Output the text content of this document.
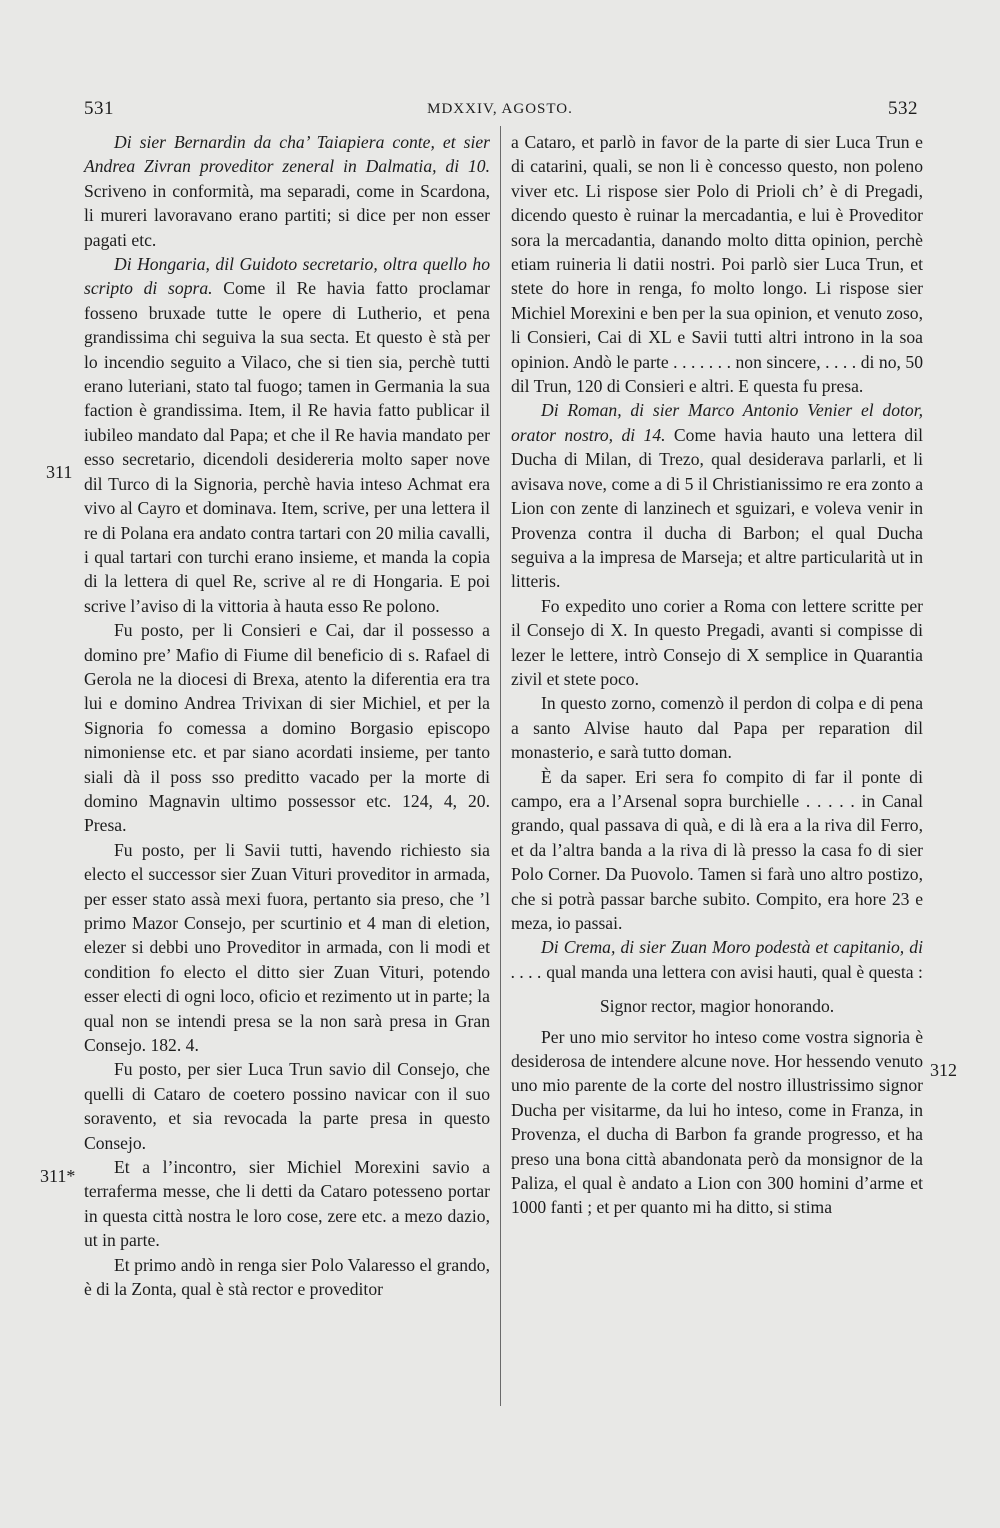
531	MDXXIV, AGOSTO.	532
311
311*
312

Di sier Bernardin da cha’ Taiapiera conte, et sier Andrea Zivran proveditor zeneral in Dalmatia, di 10. Scriveno in conformità, ma separadi, come in Scardona, li mureri lavoravano erano partiti; si dice per non esser pagati etc.

Di Hongaria, dil Guidoto secretario, oltra quello ho scripto di sopra. Come il Re havia fatto proclamar fosseno bruxade tutte le opere di Lutherio, et pena grandissima chi seguiva la sua secta. Et questo è stà per lo incendio seguito a Vilaco, che si tien sia, perchè tutti erano luteriani, stato tal fuogo; tamen in Germania la sua faction è grandissima. Item, il Re havia fatto publicar il iubileo mandato dal Papa; et che il Re havia mandato per esso secretario, dicendoli desidereria molto saper nove dil Turco di la Signoria, perchè havia inteso Achmat era vivo al Cayro et dominava. Item, scrive, per una lettera il re di Polana era andato contra tartari con 20 milia cavalli, i qual tartari con turchi erano insieme, et manda la copia di la lettera di quel Re, scrive al re di Hongaria. E poi scrive l’aviso di la vittoria à hauta esso Re polono.

Fu posto, per li Consieri e Cai, dar il possesso a domino pre’ Mafio di Fiume dil beneficio di s. Rafael di Gerola ne la diocesi di Brexa, atento la diferentia era tra lui e domino Andrea Trivixan di sier Michiel, et per la Signoria fo comessa a domino Borgasio episcopo nimoniense etc. et par siano acordati insieme, per tanto siali dà il poss sso preditto vacado per la morte di domino Magnavin ultimo possessor etc. 124, 4, 20. Presa.

Fu posto, per li Savii tutti, havendo richiesto sia electo el successor sier Zuan Vituri proveditor in armada, per esser stato assà mexi fuora, pertanto sia preso, che ’l primo Mazor Consejo, per scurtinio et 4 man di eletion, elezer si debbi uno Proveditor in armada, con li modi et condition fo electo el ditto sier Zuan Vituri, potendo esser electi di ogni loco, oficio et rezimento ut in parte; la qual non se intendi presa se la non sarà presa in Gran Consejo. 182. 4.

Fu posto, per sier Luca Trun savio dil Consejo, che quelli di Cataro de coetero possino navicar con il suo soravento, et sia revocada la parte presa in questo Consejo.

Et a l’incontro, sier Michiel Morexini savio a terraferma messe, che li detti da Cataro potesseno portar in questa città nostra le loro cose, zere etc. a mezo dazio, ut in parte.

Et primo andò in renga sier Polo Valaresso el grando, è di la Zonta, qual è stà rector e proveditor

a Cataro, et parlò in favor de la parte di sier Luca Trun e di catarini, quali, se non li è concesso questo, non poleno viver etc. Li rispose sier Polo di Prioli ch’ è di Pregadi, dicendo questo è ruinar la mercadantia, e lui è Proveditor sora la mercadantia, danando molto ditta opinion, perchè etiam ruineria li datii nostri. Poi parlò sier Luca Trun, et stete do hore in renga, fo molto longo. Li rispose sier Michiel Morexini e ben per la sua opinion, et venuto zoso, li Consieri, Cai di XL e Savii tutti altri introno in la soa opinion. Andò le parte . . . . . . . non sincere, . . . . di no, 50 dil Trun, 120 di Consieri e altri. E questa fu presa.

Di Roman, di sier Marco Antonio Venier el dotor, orator nostro, di 14. Come havia hauto una lettera dil Ducha di Milan, di Trezo, qual desiderava parlarli, et li avisava nove, come a di 5 il Christianissimo re era zonto a Lion con zente di lanzinech et sguizari, e voleva venir in Provenza contra il ducha di Barbon; el qual Ducha seguiva a la impresa de Marseja; et altre particularità ut in litteris.

Fo expedito uno corier a Roma con lettere scritte per il Consejo di X. In questo Pregadi, avanti si compisse di lezer le lettere, intrò Consejo di X semplice in Quarantia zivil et stete poco.

In questo zorno, comenzò il perdon di colpa e di pena a santo Alvise hauto dal Papa per reparation dil monasterio, e sarà tutto doman.

È da saper. Eri sera fo compito di far il ponte di campo, era a l’Arsenal sopra burchielle . . . . . in Canal grando, qual passava di quà, e di là era a la riva dil Ferro, et da l’altra banda a la riva di là presso la casa fo di sier Polo Corner. Da Puovolo. Tamen si farà uno altro postizo, che si potrà passar barche subito. Compito, era hore 23 e meza, io passai.

Di Crema, di sier Zuan Moro podestà et capitanio, di . . . . qual manda una lettera con avisi hauti, qual è questa :

Signor rector, magior honorando.

Per uno mio servitor ho inteso come vostra signoria è desiderosa de intendere alcune nove. Hor hessendo venuto uno mio parente de la corte del nostro illustrissimo signor Ducha per visitarme, da lui ho inteso, come in Franza, in Provenza, el ducha di Barbon fa grande progresso, et ha preso una bona città abandonata però da monsignor de la Paliza, el qual è andato a Lion con 300 homini d’arme et 1000 fanti ; et per quanto mi ha ditto, si stima
